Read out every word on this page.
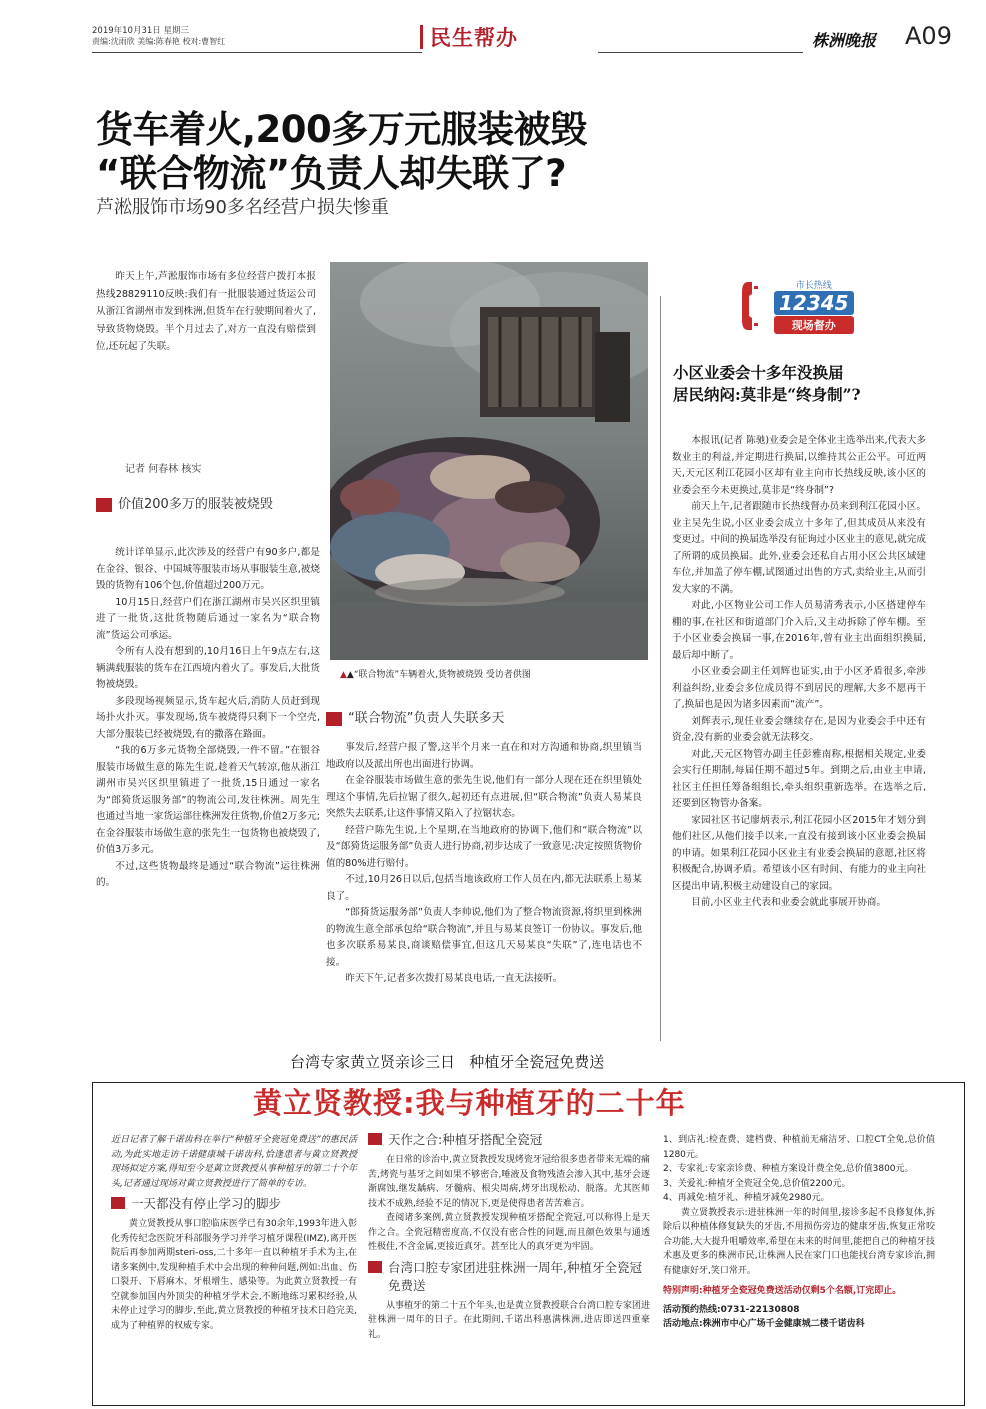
2019年10月31日 星期三
责编:沈雨欣 美编:陈春艳 校对:曹智红	民生帮办	株洲晚报 A09
货车着火,200多万元服装被毁
“联合物流”负责人却失联了?
芦淞服饰市场90多名经营户损失惨重

昨天上午,芦淞服饰市场有多位经营户拨打本报热线28829110反映:我们有一批服装通过货运公司从浙江省湖州市发到株洲,但货车在行驶期间着火了,导致货物烧毁。半个月过去了,对方一直没有赔偿到位,还玩起了失联。

记者 何春林 核实
▲▲“联合物流”车辆着火,货物被烧毁 受访者供图
价值200多万的服装被烧毁

统计详单显示,此次涉及的经营户有90多户,都是在金谷、银谷、中国城等服装市场从事服装生意,被烧毁的货物有106个包,价值超过200万元。

10月15日,经营户们在浙江湖州市吴兴区织里镇进了一批货,这批货物随后通过一家名为“联合物流”货运公司承运。

令所有人没有想到的,10月16日上午9点左右,这辆满载服装的货车在江西境内着火了。事发后,大批货物被烧毁。

多段现场视频显示,货车起火后,消防人员赶到现场扑火扑灭。事发现场,货车被烧得只剩下一个空壳,大部分服装已经被烧毁,有的撒落在路面。

“我的6万多元货物全部烧毁,一件不留。”在银谷服装市场做生意的陈先生说,趁着天气转凉,他从浙江湖州市吴兴区织里镇进了一批货,15日通过一家名为“郎猗货运服务部”的物流公司,发往株洲。周先生也通过当地一家货运部往株洲发往货物,价值2万多元;在金谷服装市场做生意的张先生一包货物也被烧毁了,价值3万多元。

不过,这些货物最终是通过“联合物流”运往株洲的。

“联合物流”负责人失联多天

事发后,经营户报了警,这半个月来一直在和对方沟通和协商,织里镇当地政府以及派出所也出面进行协调。

在金谷服装市场做生意的张先生说,他们有一部分人现在还在织里镇处理这个事情,先后拉锯了很久,起初还有点进展,但“联合物流”负责人易某良突然失去联系,让这件事情又陷入了拉锯状态。

经营户陈先生说,上个星期,在当地政府的协调下,他们和“联合物流”以及“郎猗货运服务部”负责人进行协商,初步达成了一致意见:决定按照货物价值的80%进行赔付。

不过,10月26日以后,包括当地该政府工作人员在内,都无法联系上易某良了。

“郎猗货运服务部”负责人李帅说,他们为了整合物流资源,将织里到株洲的物流生意全部承包给“联合物流”,并且与易某良签订一份协议。事发后,他也多次联系易某良,商谈赔偿事宜,但这几天易某良“失联”了,连电话也不接。

昨天下午,记者多次拨打易某良电话,一直无法接听。

市长热线
12345
现场督办
小区业委会十多年没换届
居民纳闷:莫非是“终身制”?

本报讯(记者 陈驰)业委会是全体业主选举出来,代表大多数业主的利益,并定期进行换届,以维持其公正公平。可近两天,天元区利江花园小区却有业主向市长热线反映,该小区的业委会至今未更换过,莫非是“终身制”?

前天上午,记者跟随市长热线督办员来到利江花园小区。业主吴先生说,小区业委会成立十多年了,但其成员从来没有变更过。中间的换届选举没有征询过小区业主的意见,就完成了所谓的成员换届。此外,业委会还私自占用小区公共区域建车位,并加盖了停车棚,试图通过出售的方式,卖给业主,从而引发大家的不满。

对此,小区物业公司工作人员易清秀表示,小区搭建停车棚的事,在社区和街道部门介入后,又主动拆除了停车棚。至于小区业委会换届一事,在2016年,曾有业主出面组织换届,最后却中断了。

小区业委会副主任刘辉也证实,由于小区矛盾很多,牵涉利益纠纷,业委会多位成员得不到居民的理解,大多不愿再干了,换届也是因为诸多因素而“流产”。

刘辉表示,现任业委会继续存在,是因为业委会手中还有资金,没有新的业委会就无法移交。

对此,天元区物管办副主任彭雅南称,根据相关规定,业委会实行任期制,每届任期不超过5年。到期之后,由业主申请,社区主任担任筹备组组长,牵头组织重新选举。在选举之后,还要到区物管办备案。

家园社区书记廖炳表示,利江花园小区2015年才划分到他们社区,从他们接手以来,一直没有接到该小区业委会换届的申请。如果利江花园小区业主有业委会换届的意愿,社区将积极配合,协调矛盾。希望该小区有时间、有能力的业主向社区提出申请,积极主动建设自己的家园。

目前,小区业主代表和业委会就此事展开协商。

台湾专家黄立贤亲诊三日   种植牙全瓷冠免费送
黄立贤教授:我与种植牙的二十年

近日记者了解千诺齿科在举行“种植牙全瓷冠免费送”的惠民活动,为此实地走访千诺健康城千诺齿科,恰逢患者与黄立贤教授现场拟定方案,得知至今是黄立贤教授从事种植牙的第二十个年头,记者通过现场对黄立贤教授进行了简单的专访。

一天都没有停止学习的脚步

黄立贤教授从事口腔临床医学已有30余年,1993年进入彰化秀传纪念医院牙科部服务学习并学习植牙课程(IMZ),离开医院后再参加两期steri-oss,二十多年一直以种植牙手术为主,在诸多案例中,发现种植手术中会出现的种种问题,例如:出血、伤口裂开、下唇麻木、牙根增生、感染等。为此黄立贤教授一有空就参加国内外顶尖的种植牙学术会,不断地练习累积经验,从未停止过学习的脚步,至此,黄立贤教授的种植牙技术日趋完美,成为了种植界的权威专家。

天作之合:种植牙搭配全瓷冠

在日常的诊治中,黄立贤教授发现烤瓷牙冠给很多患者带来无端的痛苦,烤瓷与基牙之间如果不够密合,唾液及食物残渣会渗入其中,基牙会逐渐腐蚀,继发龋病、牙髓病、根尖周病,烤牙出现松动、脱落。尤其医师技术不成熟,经验不足的情况下,更是使得患者苦苦难言。

查阅诸多案例,黄立贤教授发现种植牙搭配全瓷冠,可以称得上是天作之合。全瓷冠精密度高,不仅没有密合性的问题,而且颜色效果与通透性极佳,不含金属,更接近真牙。甚至比人的真牙更为牢固。

台湾口腔专家团进驻株洲一周年,种植牙全瓷冠免费送

从事植牙的第二十五个年头,也是黄立贤教授联合台湾口腔专家团进驻株洲一周年的日子。在此期间,千诺出科惠满株洲,进店即送四重豪礼。

1、到店礼:检查费、建档费、种植前无痛洁牙、口腔CT全免,总价值1280元。

2、专家礼:专家亲诊费、种植方案设计费全免,总价值3800元。

3、关爱礼:种植牙全瓷冠全免,总价值2200元。

4、再减免:植牙礼、种植牙减免2980元。

黄立贤教授表示:进驻株洲一年的时间里,接诊多起不良修复体,拆除后以种植体修复缺失的牙齿,不用损伤旁边的健康牙齿,恢复正常咬合功能,大大提升咀嚼效率,希望在未来的时间里,能把自己的种植牙技术惠及更多的株洲市民,让株洲人民在家门口也能找台湾专家诊治,拥有健康好牙,笑口常开。

特别声明:种植牙全瓷冠免费送活动仅剩5个名额,订完即止。

活动预约热线:0731-22130808

活动地点:株洲市中心广场千金健康城二楼千诺齿科
